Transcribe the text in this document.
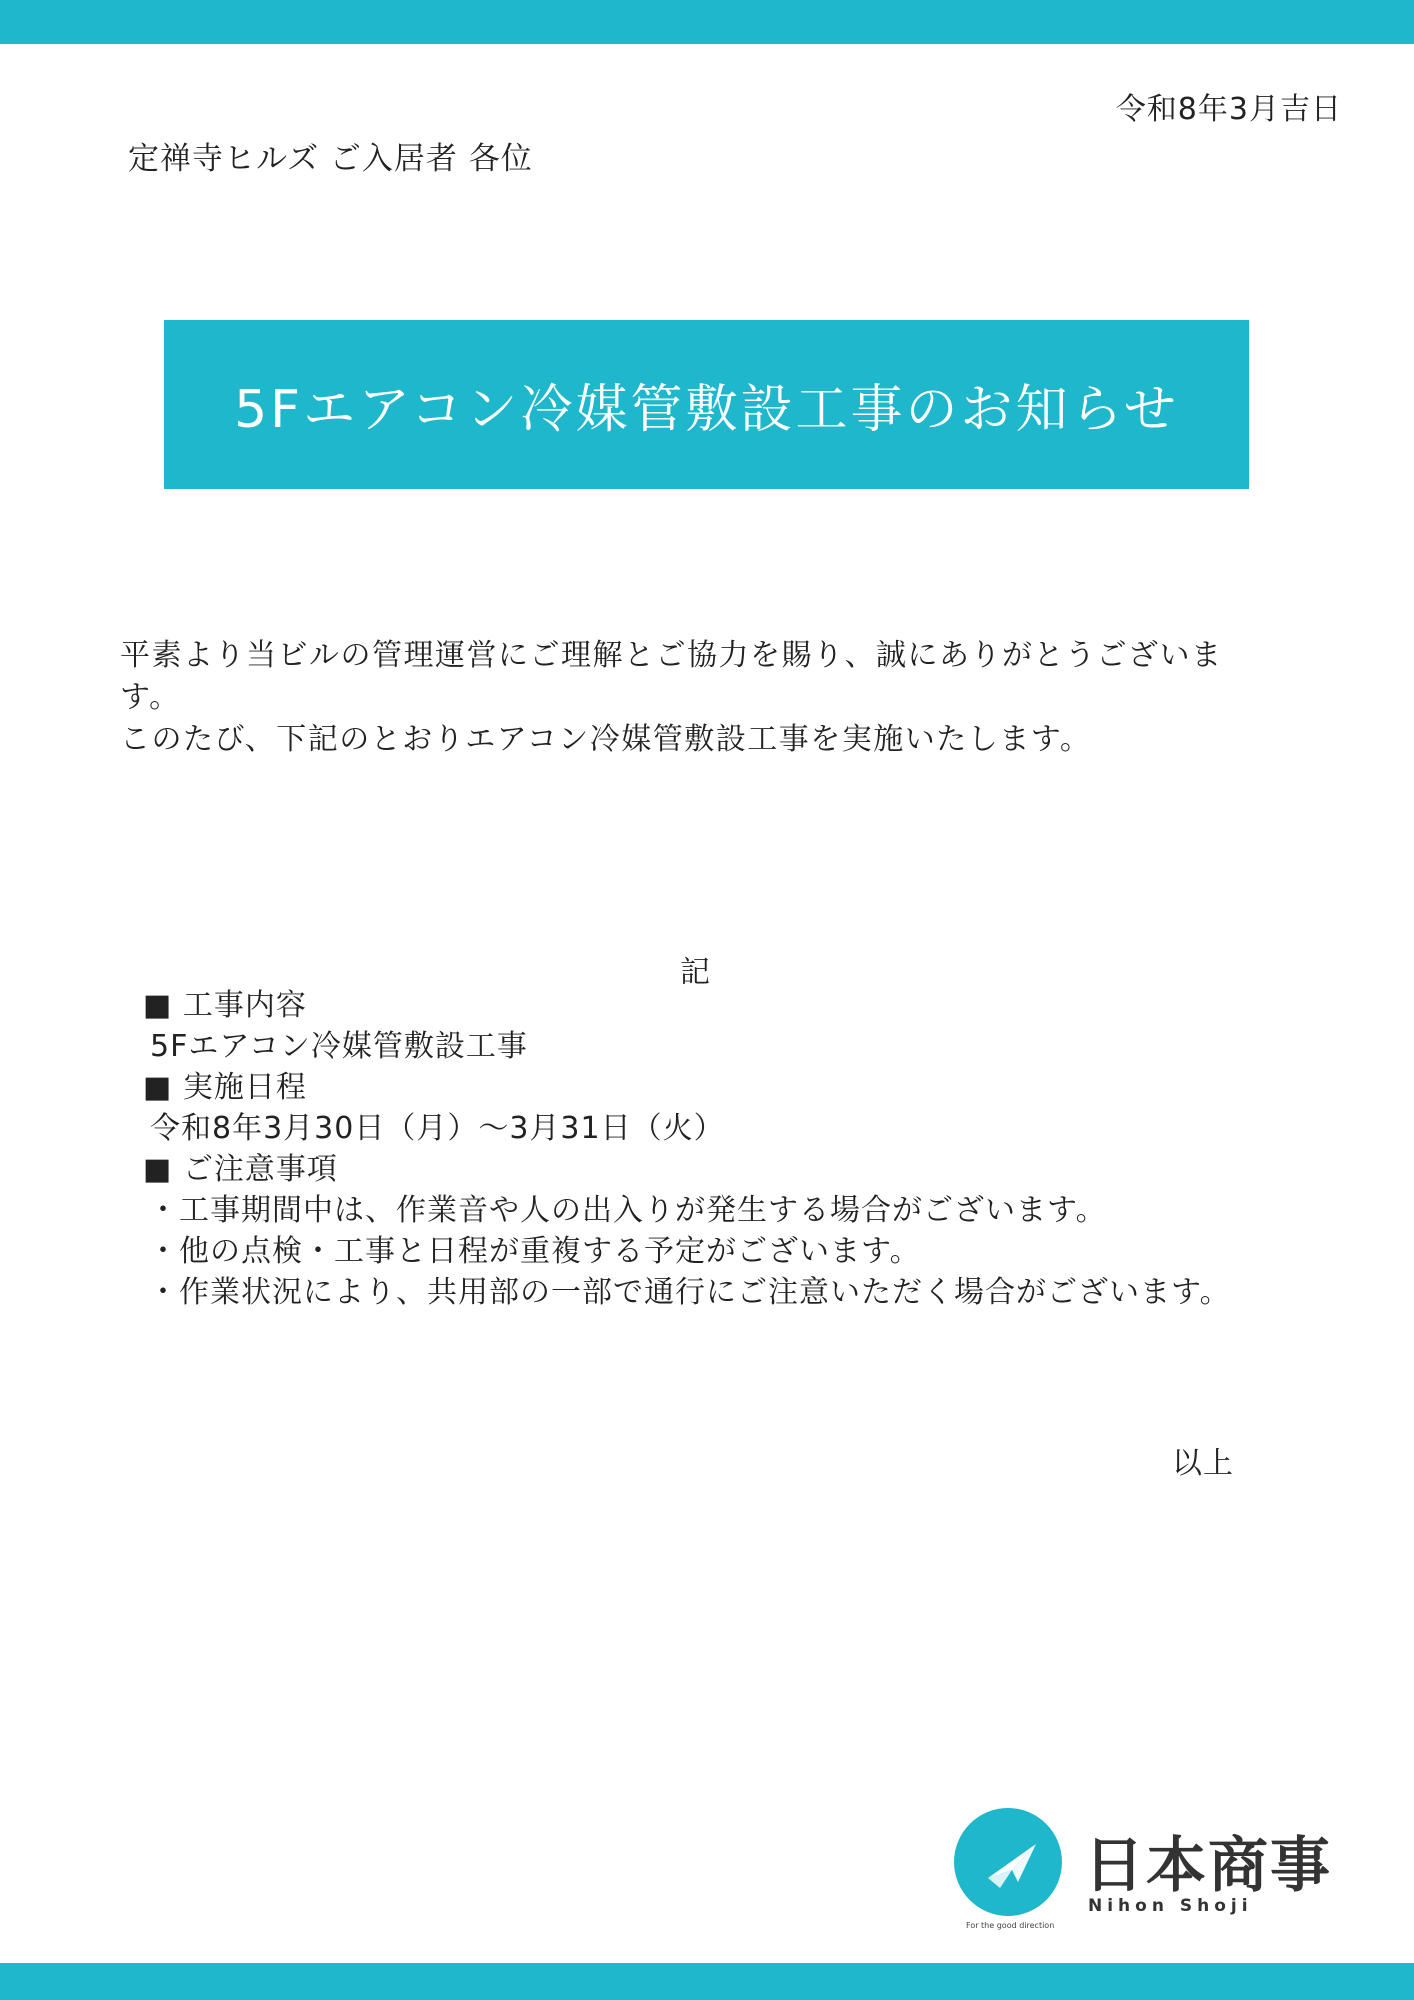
令和8年3月吉日
定禅寺ヒルズ ご入居者 各位
5Fエアコン冷媒管敷設工事のお知らせ

平素より当ビルの管理運営にご理解とご協力を賜り、誠にありがとうございます。

このたび、下記のとおりエアコン冷媒管敷設工事を実施いたします。

記
■ 工事内容
5Fエアコン冷媒管敷設工事
■ 実施日程
令和8年3月30日（月）～3月31日（火）
■ ご注意事項
・工事期間中は、作業音や人の出入りが発生する場合がございます。
・他の点検・工事と日程が重複する予定がございます。
・作業状況により、共用部の一部で通行にご注意いただく場合がございます。
以上
For the good direction
日本商事
Nihon Shoji
